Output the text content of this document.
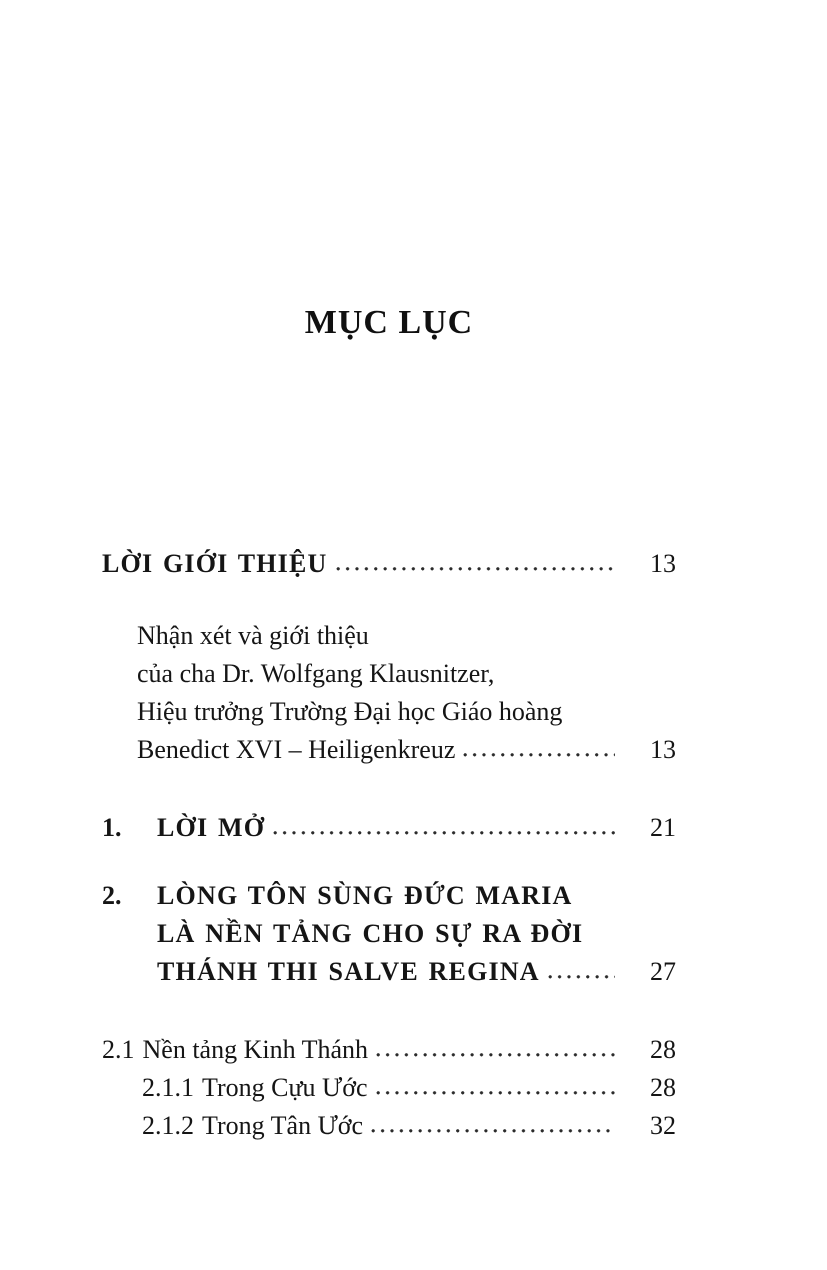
MỤC LỤC
LỜI GIỚI THIỆU	13
Nhận xét và giới thiệu
của cha Dr. Wolfgang Klausnitzer,
Hiệu trưởng Trường Đại học Giáo hoàng
Benedict XVI – Heiligenkreuz	13
1.	LỜI MỞ	21
2.	LÒNG TÔN SÙNG ĐỨC MARIA
LÀ NỀN TẢNG CHO SỰ RA ĐỜI
THÁNH THI SALVE REGINA	27
2.1 Nền tảng Kinh Thánh	28
2.1.1 Trong Cựu Ước	28
2.1.2 Trong Tân Ước	32
